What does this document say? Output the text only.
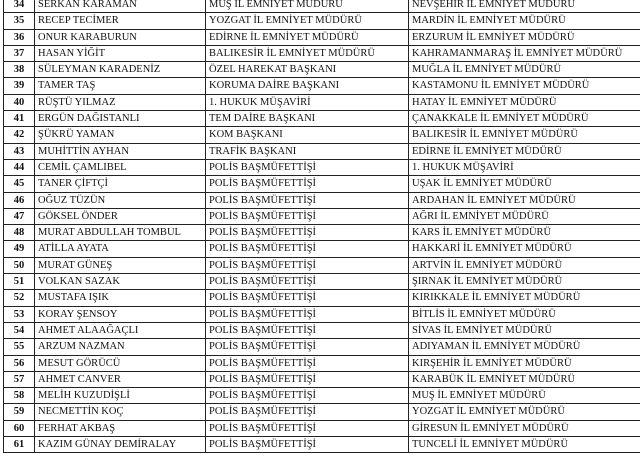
34	SERKAN KARAMAN	MUŞ İL EMNİYET MÜDÜRÜ	NEVŞEHİR İL EMNİYET MÜDÜRÜ
35	RECEP TECİMER	YOZGAT İL EMNİYET MÜDÜRÜ	MARDİN İL EMNİYET MÜDÜRÜ
36	ONUR KARABURUN	EDİRNE İL EMNİYET MÜDÜRÜ	ERZURUM İL EMNİYET MÜDÜRÜ
37	HASAN YİĞİT	BALIKESİR İL EMNİYET MÜDÜRÜ	KAHRAMANMARAŞ İL EMNİYET MÜDÜRÜ
38	SÜLEYMAN KARADENİZ	ÖZEL HAREKAT BAŞKANI	MUĞLA İL EMNİYET MÜDÜRÜ
39	TAMER TAŞ	KORUMA DAİRE BAŞKANI	KASTAMONU İL EMNİYET MÜDÜRÜ
40	RÜŞTÜ YILMAZ	1. HUKUK MÜŞAVİRİ	HATAY İL EMNİYET MÜDÜRÜ
41	ERGÜN DAĞISTANLI	TEM DAİRE BAŞKANI	ÇANAKKALE İL EMNİYET MÜDÜRÜ
42	ŞÜKRÜ YAMAN	KOM BAŞKANI	BALIKESİR İL EMNİYET MÜDÜRÜ
43	MUHİTTİN AYHAN	TRAFİK BAŞKANI	EDİRNE İL EMNİYET MÜDÜRÜ
44	CEMİL ÇAMLIBEL	POLİS BAŞMÜFETTİŞİ	1. HUKUK MÜŞAVİRİ
45	TANER ÇİFTÇİ	POLİS BAŞMÜFETTİŞİ	UŞAK İL EMNİYET MÜDÜRÜ
46	OĞUZ TÜZÜN	POLİS BAŞMÜFETTİŞİ	ARDAHAN İL EMNİYET MÜDÜRÜ
47	GÖKSEL ÖNDER	POLİS BAŞMÜFETTİŞİ	AĞRI İL EMNİYET MÜDÜRÜ
48	MURAT ABDULLAH TOMBUL	POLİS BAŞMÜFETTİŞİ	KARS İL EMNİYET MÜDÜRÜ
49	ATİLLA AYATA	POLİS BAŞMÜFETTİŞİ	HAKKARİ İL EMNİYET MÜDÜRÜ
50	MURAT GÜNEŞ	POLİS BAŞMÜFETTİŞİ	ARTVİN İL EMNİYET MÜDÜRÜ
51	VOLKAN SAZAK	POLİS BAŞMÜFETTİŞİ	ŞIRNAK İL EMNİYET MÜDÜRÜ
52	MUSTAFA IŞIK	POLİS BAŞMÜFETTİŞİ	KIRIKKALE İL EMNİYET MÜDÜRÜ
53	KORAY ŞENSOY	POLİS BAŞMÜFETTİŞİ	BİTLİS İL EMNİYET MÜDÜRÜ
54	AHMET ALAAĞAÇLI	POLİS BAŞMÜFETTİŞİ	SİVAS İL EMNİYET MÜDÜRÜ
55	ARZUM NAZMAN	POLİS BAŞMÜFETTİŞİ	ADIYAMAN İL EMNİYET MÜDÜRÜ
56	MESUT GÖRÜCÜ	POLİS BAŞMÜFETTİŞİ	KIRŞEHİR İL EMNİYET MÜDÜRÜ
57	AHMET CANVER	POLİS BAŞMÜFETTİŞİ	KARABÜK İL EMNİYET MÜDÜRÜ
58	MELİH KUZUDİŞLİ	POLİS BAŞMÜFETTİŞİ	MUŞ İL EMNİYET MÜDÜRÜ
59	NECMETTİN KOÇ	POLİS BAŞMÜFETTİŞİ	YOZGAT İL EMNİYET MÜDÜRÜ
60	FERHAT AKBAŞ	POLİS BAŞMÜFETTİŞİ	GİRESUN İL EMNİYET MÜDÜRÜ
61	KAZIM GÜNAY DEMİRALAY	POLİS BAŞMÜFETTİŞİ	TUNCELİ İL EMNİYET MÜDÜRÜ
